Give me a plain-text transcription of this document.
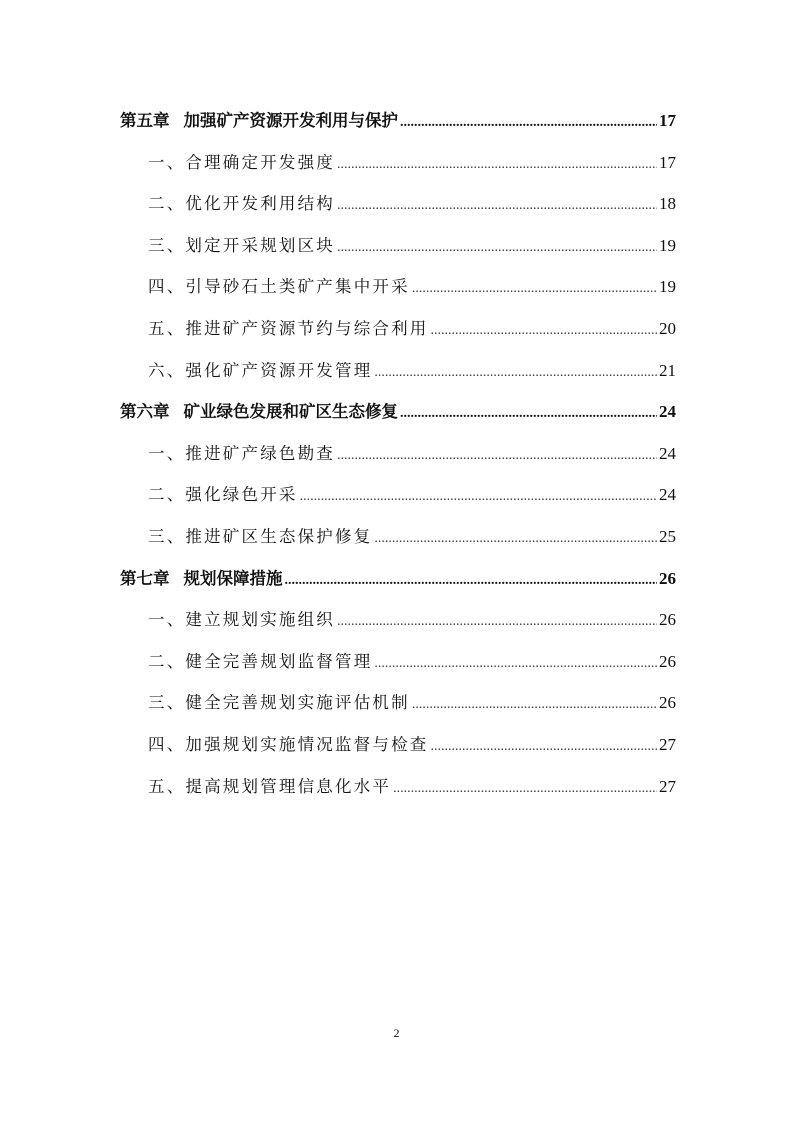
第五章 加强矿产资源开发利用与保护 .....	17
一、合理确定开发强度 .....	17
二、优化开发利用结构 .....	18
三、划定开采规划区块 .....	19
四、引导砂石土类矿产集中开采 .....	19
五、推进矿产资源节约与综合利用 .....	20
六、强化矿产资源开发管理 .....	21
第六章 矿业绿色发展和矿区生态修复 .....	24
一、推进矿产绿色勘查 .....	24
二、强化绿色开采 .....	24
三、推进矿区生态保护修复 .....	25
第七章 规划保障措施 .....	26
一、建立规划实施组织 .....	26
二、健全完善规划监督管理 .....	26
三、健全完善规划实施评估机制 .....	26
四、加强规划实施情况监督与检查 .....	27
五、提高规划管理信息化水平 .....	27
2
